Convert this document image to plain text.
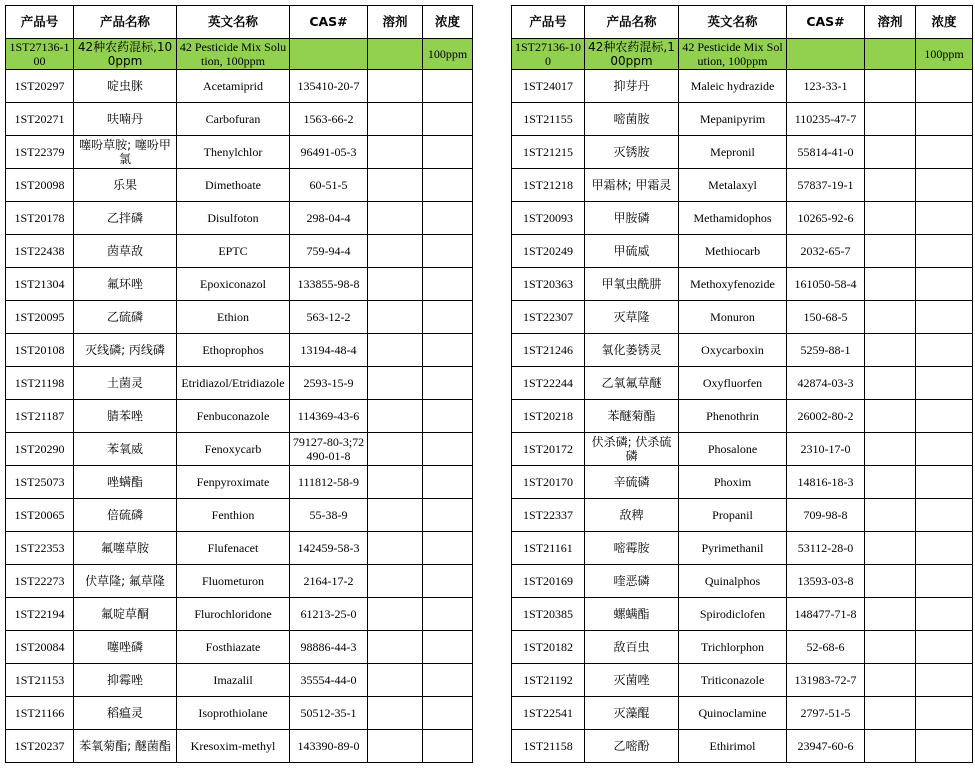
产品号	产品名称	英文名称	CAS#	溶剂	浓度
1ST27136-100	42种农药混标,100ppm	42 Pesticide Mix Solution, 100ppm			100ppm
1ST20297	啶虫脒	Acetamiprid	135410-20-7		
1ST20271	呋喃丹	Carbofuran	1563-66-2		
1ST22379	噻吩草胺; 噻吩甲氯	Thenylchlor	96491-05-3		
1ST20098	乐果	Dimethoate	60-51-5		
1ST20178	乙拌磷	Disulfoton	298-04-4		
1ST22438	茵草敌	EPTC	759-94-4		
1ST21304	氟环唑	Epoxiconazol	133855-98-8		
1ST20095	乙硫磷	Ethion	563-12-2		
1ST20108	灭线磷; 丙线磷	Ethoprophos	13194-48-4		
1ST21198	土菌灵	Etridiazol/Etridiazole	2593-15-9		
1ST21187	腈苯唑	Fenbuconazole	114369-43-6		
1ST20290	苯氧威	Fenoxycarb	79127-80-3;72490-01-8		
1ST25073	唑螨酯	Fenpyroximate	111812-58-9		
1ST20065	倍硫磷	Fenthion	55-38-9		
1ST22353	氟噻草胺	Flufenacet	142459-58-3		
1ST22273	伏草隆; 氟草隆	Fluometuron	2164-17-2		
1ST22194	氟啶草酮	Flurochloridone	61213-25-0		
1ST20084	噻唑磷	Fosthiazate	98886-44-3		
1ST21153	抑霉唑	Imazalil	35554-44-0		
1ST21166	稻瘟灵	Isoprothiolane	50512-35-1		
1ST20237	苯氧菊酯; 醚菌酯	Kresoxim-methyl	143390-89-0		
产品号	产品名称	英文名称	CAS#	溶剂	浓度
1ST27136-100	42种农药混标,100ppm	42 Pesticide Mix Solution, 100ppm			100ppm
1ST24017	抑芽丹	Maleic hydrazide	123-33-1		
1ST21155	嘧菌胺	Mepanipyrim	110235-47-7		
1ST21215	灭锈胺	Mepronil	55814-41-0		
1ST21218	甲霜林; 甲霜灵	Metalaxyl	57837-19-1		
1ST20093	甲胺磷	Methamidophos	10265-92-6		
1ST20249	甲硫威	Methiocarb	2032-65-7		
1ST20363	甲氧虫酰肼	Methoxyfenozide	161050-58-4		
1ST22307	灭草隆	Monuron	150-68-5		
1ST21246	氧化萎锈灵	Oxycarboxin	5259-88-1		
1ST22244	乙氧氟草醚	Oxyfluorfen	42874-03-3		
1ST20218	苯醚菊酯	Phenothrin	26002-80-2		
1ST20172	伏杀磷; 伏杀硫磷	Phosalone	2310-17-0		
1ST20170	辛硫磷	Phoxim	14816-18-3		
1ST22337	敌稗	Propanil	709-98-8		
1ST21161	嘧霉胺	Pyrimethanil	53112-28-0		
1ST20169	喹恶磷	Quinalphos	13593-03-8		
1ST20385	螺螨酯	Spirodiclofen	148477-71-8		
1ST20182	敌百虫	Trichlorphon	52-68-6		
1ST21192	灭菌唑	Triticonazole	131983-72-7		
1ST22541	灭藻醌	Quinoclamine	2797-51-5		
1ST21158	乙嘧酚	Ethirimol	23947-60-6		
